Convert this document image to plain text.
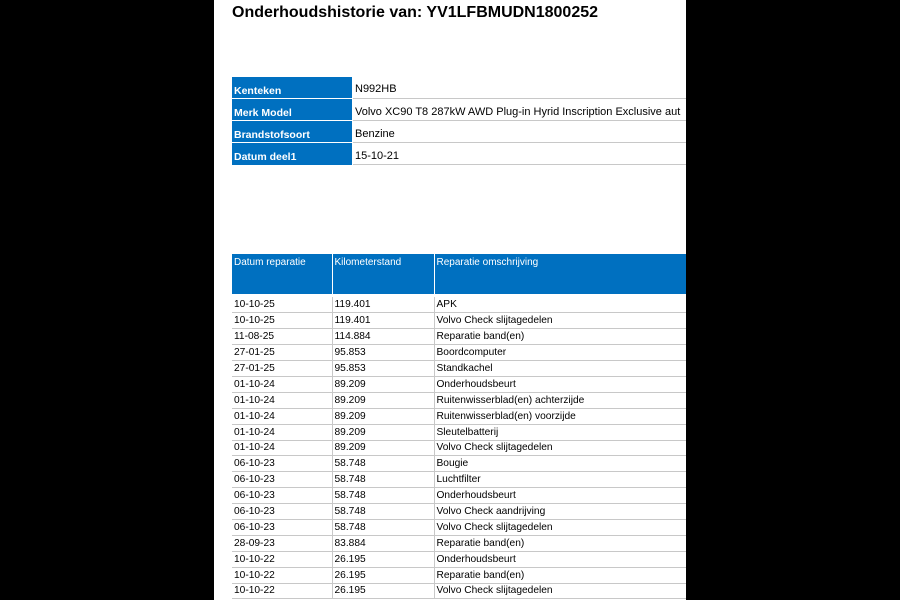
Onderhoudshistorie van: YV1LFBMUDN1800252
Kenteken	N992HB
Merk Model	Volvo XC90 T8 287kW AWD Plug-in Hyrid Inscription Exclusive aut
Brandstofsoort	Benzine
Datum deel1	15-10-21
Datum reparatie	Kilometerstand	Reparatie omschrijving

10-10-25	119.401	APK
10-10-25	119.401	Volvo Check slijtagedelen
11-08-25	114.884	Reparatie band(en)
27-01-25	95.853	Boordcomputer
27-01-25	95.853	Standkachel
01-10-24	89.209	Onderhoudsbeurt
01-10-24	89.209	Ruitenwisserblad(en) achterzijde
01-10-24	89.209	Ruitenwisserblad(en) voorzijde
01-10-24	89.209	Sleutelbatterij
01-10-24	89.209	Volvo Check slijtagedelen
06-10-23	58.748	Bougie
06-10-23	58.748	Luchtfilter
06-10-23	58.748	Onderhoudsbeurt
06-10-23	58.748	Volvo Check aandrijving
06-10-23	58.748	Volvo Check slijtagedelen
28-09-23	83.884	Reparatie band(en)
10-10-22	26.195	Onderhoudsbeurt
10-10-22	26.195	Reparatie band(en)
10-10-22	26.195	Volvo Check slijtagedelen
